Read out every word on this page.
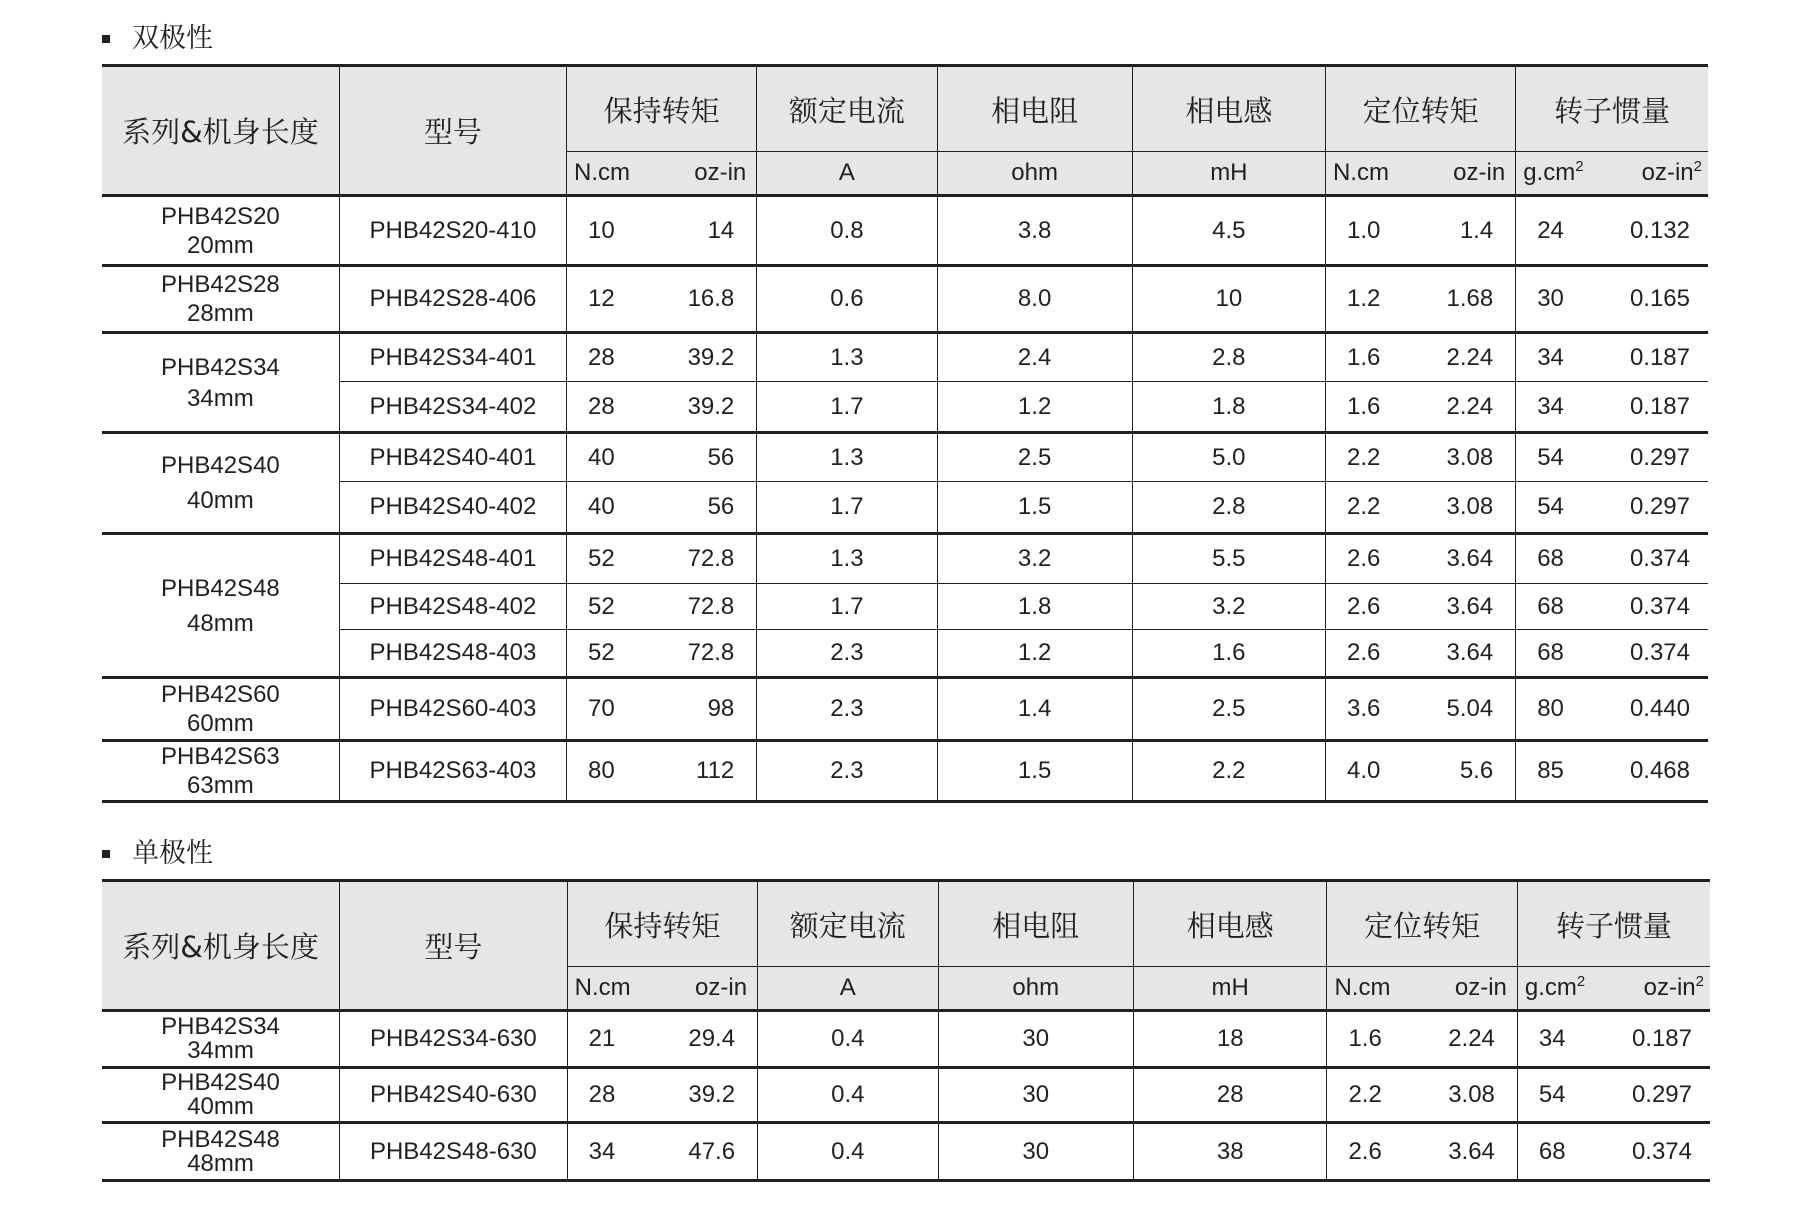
双极性
系列&机身长度	型号	保持转矩		额定电流	相电阻	相电感	定位转矩		转子惯量	
		N.cm	oz-in	A	ohm	mH	N.cm	oz-in	$g.cm^2$	$oz-in^2$

PHB42S20
20mm	PHB42S20-410	10	14	0.8	3.8	4.5	1.0	1.4	24	0.132

PHB42S28
28mm	PHB42S28-406	12	16.8	0.6	8.0	10	1.2	1.68	30	0.165

PHB42S34
34mm	PHB42S34-401	28	39.2	1.3	2.4	2.8	1.6	2.24	34	0.187
	PHB42S34-402	28	39.2	1.7	1.2	1.8	1.6	2.24	34	0.187

PHB42S40
40mm	PHB42S40-401	40	56	1.3	2.5	5.0	2.2	3.08	54	0.297
	PHB42S40-402	40	56	1.7	1.5	2.8	2.2	3.08	54	0.297

PHB42S48
48mm	PHB42S48-401	52	72.8	1.3	3.2	5.5	2.6	3.64	68	0.374
	PHB42S48-402	52	72.8	1.7	1.8	3.2	2.6	3.64	68	0.374
	PHB42S48-403	52	72.8	2.3	1.2	1.6	2.6	3.64	68	0.374

PHB42S60
60mm	PHB42S60-403	70	98	2.3	1.4	2.5	3.6	5.04	80	0.440

PHB42S63
63mm	PHB42S63-403	80	112	2.3	1.5	2.2	4.0	5.6	85	0.468
单极性
系列&机身长度	型号	保持转矩		额定电流	相电阻	相电感	定位转矩		转子惯量	
		N.cm	oz-in	A	ohm	mH	N.cm	oz-in	$g.cm^2$	$oz-in^2$

PHB42S34
34mm	PHB42S34-630	21	29.4	0.4	30	18	1.6	2.24	34	0.187

PHB42S40
40mm	PHB42S40-630	28	39.2	0.4	30	28	2.2	3.08	54	0.297

PHB42S48
48mm	PHB42S48-630	34	47.6	0.4	30	38	2.6	3.64	68	0.374
